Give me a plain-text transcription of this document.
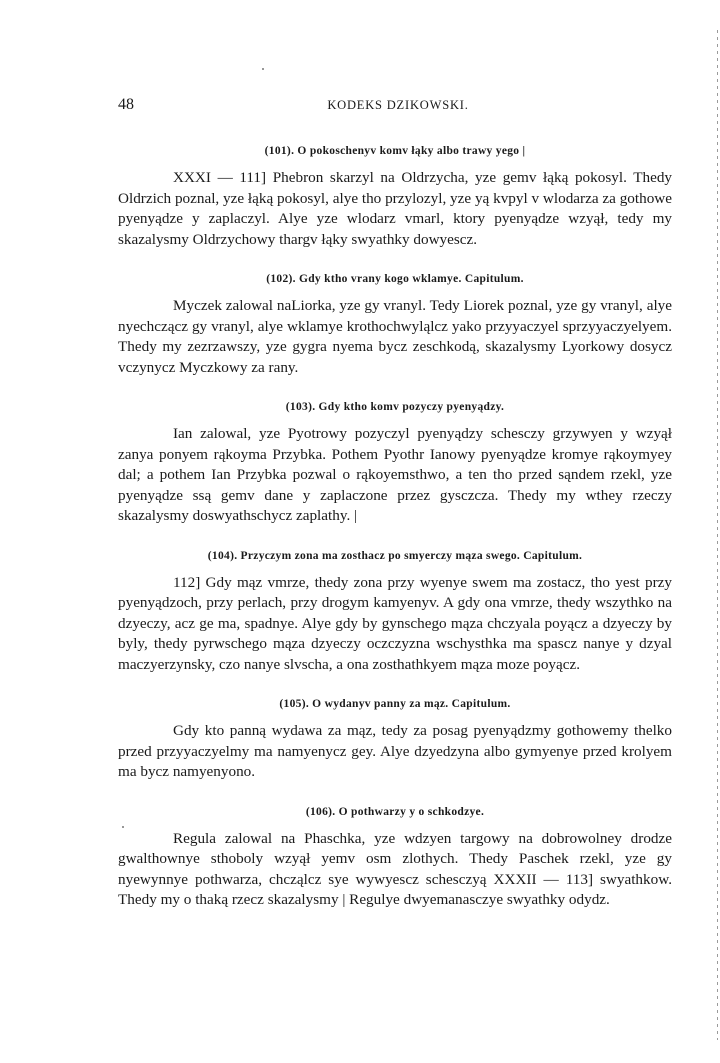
48	KODEKS DZIKOWSKI.
(101). O pokoschenyv komv łąky albo trawy yego |

XXXI — 111] Phebron skarzyl na Oldrzycha, yze gemv łąką pokosyl. Thedy Oldrzich poznal, yze łąką pokosyl, alye tho przylozyl, yze yą kvpyl v wlodarza za gothowe pyenyądze y zaplaczyl. Alye yze wlodarz vmarl, ktory pyenyądze wzyął, tedy my skazalysmy Oldrzychowy thargv łąky swyathky dowyescz.

(102). Gdy ktho vrany kogo wklamye. Capitulum.

Myczek zalowal naLiorka, yze gy vranyl. Tedy Liorek poznal, yze gy vranyl, alye nyechczącz gy vranyl, alye wklamye krothochwyląlcz yako przyyaczyel sprzyyaczyelyem. Thedy my zezrzawszy, yze gygra nyema bycz zeschkodą, skazalysmy Lyorkowy dosycz vczynycz Myczkowy za rany.

(103). Gdy ktho komv pozyczy pyenyądzy.

Ian zalowal, yze Pyotrowy pozyczyl pyenyądzy schesczy grzywyen y wzyął zanya ponyem rąkoyma Przybka. Pothem Pyothr Ianowy pyenyądze kromye rąkoymyey dal; a pothem Ian Przybka pozwal o rąkoyemsthwo, a ten tho przed sąndem rzekl, yze pyenyądze ssą gemv dane y zaplaczone przez gysczcza. Thedy my wthey rzeczy skazalysmy doswyathschycz zaplathy. |

(104). Przyczym zona ma zosthacz po smyerczy mąza swego. Capitulum.

112] Gdy mąz vmrze, thedy zona przy wyenye swem ma zostacz, tho yest przy pyenyądzoch, przy perlach, przy drogym kamyenyv. A gdy ona vmrze, thedy wszythko na dzyeczy, acz ge ma, spadnye. Alye gdy by gynschego mąza chczyala poyącz a dzyeczy by byly, thedy pyrwschego mąza dzyeczy oczczyzna wschysthka ma spascz nanye y dzyal maczyerzynsky, czo nanye slvscha, a ona zosthathkyem mąza moze poyącz.

(105). O wydanyv panny za mąz. Capitulum.

Gdy kto panną wydawa za mąz, tedy za posag pyenyądzmy gothowemy thelko przed przyyaczyelmy ma namyenycz gey. Alye dzyedzyna albo gymyenye przed krolyem ma bycz namyenyono.

(106). O pothwarzy y o schkodzye.

Regula zalowal na Phaschka, yze wdzyen targowy na dobrowolney drodze gwalthownye sthoboly wzyął yemv osm zlothych. Thedy Paschek rzekl, yze gy nyewynnye pothwarza, chcząlcz sye wywyescz schesczyą XXXII — 113] swyathkow. Thedy my o thaką rzecz skazalysmy | Regulye dwyemanasczye swyathky odydz.
